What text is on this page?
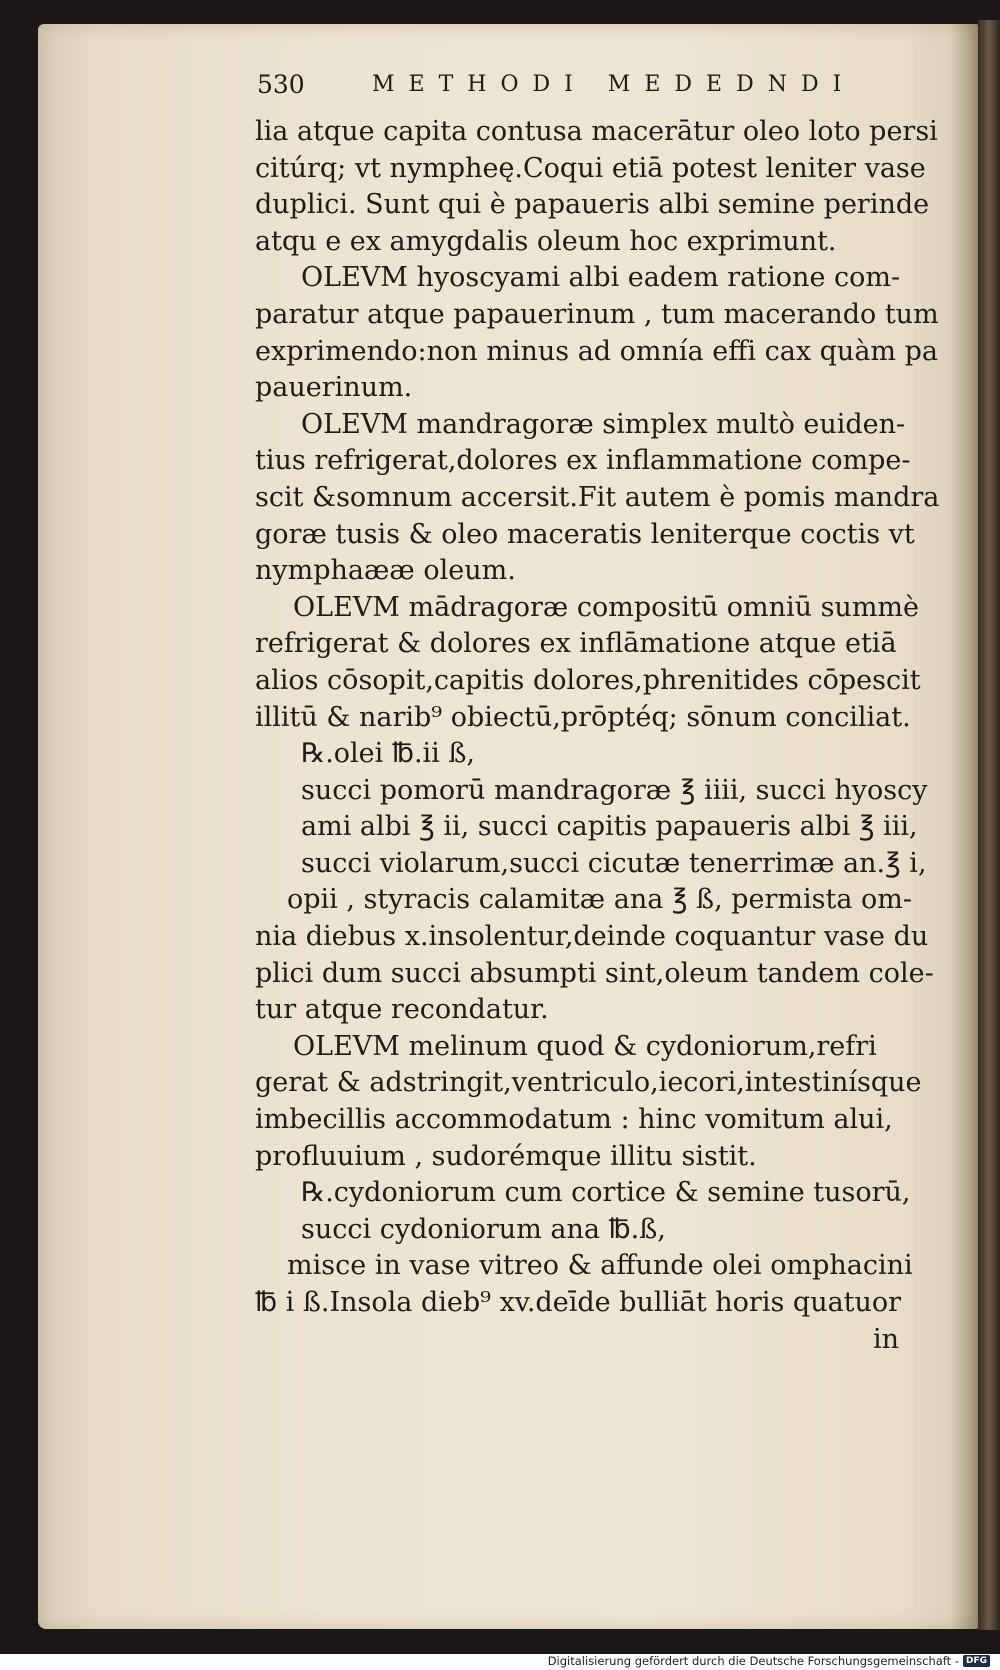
530	METHODI MEDEDNDI
lia atque capita contusa macerātur oleo loto persi
citúrq; vt nympheę.Coqui etiā potest leniter vase
duplici. Sunt qui è papaueris albi semine perinde
atqu e ex amygdalis oleum hoc exprimunt.
OLEVM hyoscyami albi eadem ratione com-
paratur atque papauerinum , tum macerando tum
exprimendo:non minus ad omnía effi cax quàm pa
pauerinum.
OLEVM mandragoræ simplex multò euiden-
tius refrigerat,dolores ex inflammatione compe-
scit &somnum accersit.Fit autem è pomis mandra
goræ tusis & oleo maceratis leniterque coctis vt
nymphaææ oleum.
OLEVM mādragoræ compositū omniū summè
refrigerat & dolores ex inflāmatione atque etiā
alios cōsopit,capitis dolores,phrenitides cōpescit
illitū & narib⁹ obiectū,prōptéq; sōnum conciliat.
℞.olei ℔.ii ß,
succi pomorū mandragoræ ℥ iiii, succi hyoscy
ami albi ℥ ii, succi capitis papaueris albi ℥ iii,
succi violarum,succi cicutæ tenerrimæ an.℥ i,
opii , styracis calamitæ ana ℥ ß, permista om-
nia diebus x.insolentur,deinde coquantur vase du
plici dum succi absumpti sint,oleum tandem cole-
tur atque recondatur.
OLEVM melinum quod & cydoniorum,refri
gerat & adstringit,ventriculo,iecori,intestinísque
imbecillis accommodatum : hinc vomitum alui,
profluuium , sudorémque illitu sistit.
℞.cydoniorum cum cortice & semine tusorū,
succi cydoniorum ana ℔.ß,
misce in vase vitreo & affunde olei omphacini
℔ i ß.Insola dieb⁹ xv.deīde bulliāt horis quatuor
in
Digitalisierung gefördert durch die Deutsche Forschungsgemeinschaft - DFG
